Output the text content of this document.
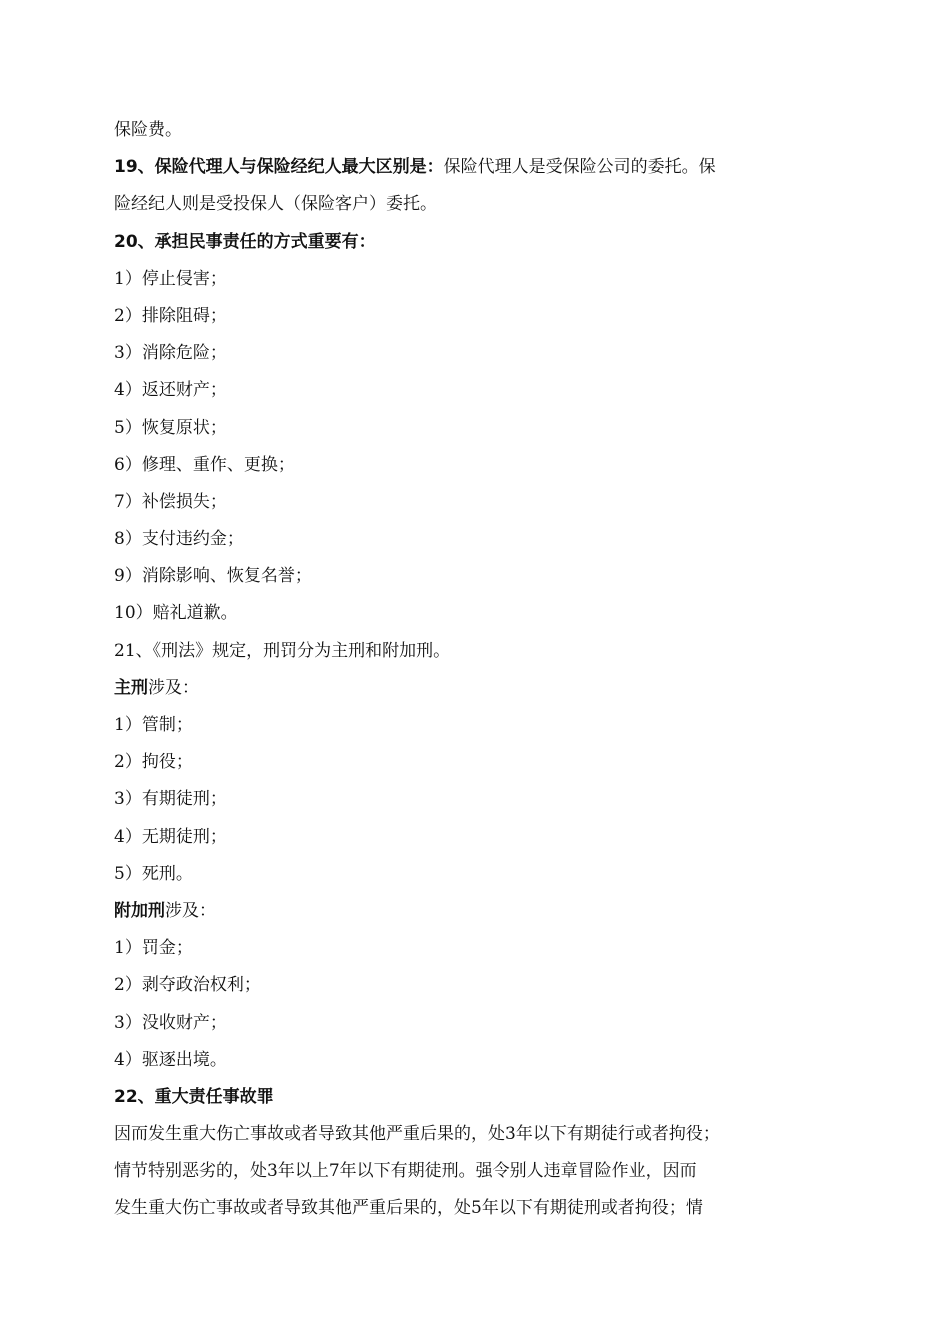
保险费。
19、保险代理人与保险经纪人最大区别是：保险代理人是受保险公司的委托。保
险经纪人则是受投保人（保险客户）委托。
20、承担民事责任的方式重要有：
1）停止侵害；
2）排除阻碍；
3）消除危险；
4）返还财产；
5）恢复原状；
6）修理、重作、更换；
7）补偿损失；
8）支付违约金；
9）消除影响、恢复名誉；
10）赔礼道歉。
21、《刑法》规定，刑罚分为主刑和附加刑。
主刑涉及：
1）管制；
2）拘役；
3）有期徒刑；
4）无期徒刑；
5）死刑。
附加刑涉及：
1）罚金；
2）剥夺政治权利；
3）没收财产；
4）驱逐出境。
22、重大责任事故罪
因而发生重大伤亡事故或者导致其他严重后果的，处3年以下有期徒行或者拘役；
情节特别恶劣的，处3年以上7年以下有期徒刑。强令别人违章冒险作业，因而
发生重大伤亡事故或者导致其他严重后果的，处5年以下有期徒刑或者拘役；情
